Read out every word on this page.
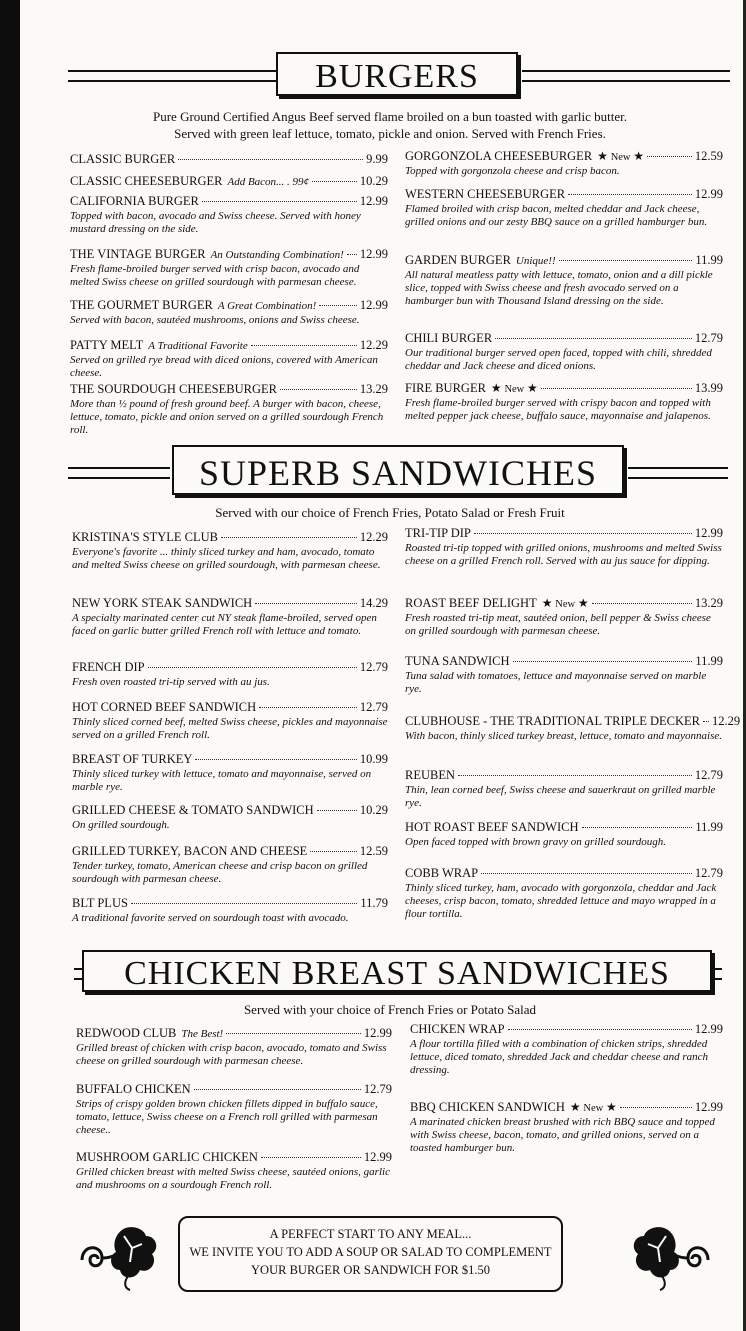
BURGERS
Pure Ground Certified Angus Beef served flame broiled on a bun toasted with garlic butter.
Served with green leaf lettuce, tomato, pickle and onion. Served with French Fries.
CLASSIC BURGER	9.99
CLASSIC CHEESEBURGER Add Bacon... . 99¢	10.29
CALIFORNIA BURGER	12.99
Topped with bacon, avocado and Swiss cheese. Served with honey mustard dressing on the side.
THE VINTAGE BURGER An Outstanding Combination! 12.99
Fresh flame-broiled burger served with crisp bacon, avocado and melted Swiss cheese on grilled sourdough with parmesan cheese.
THE GOURMET BURGER A Great Combination!	12.99
Served with bacon, sautéed mushrooms, onions and Swiss cheese.
PATTY MELT A Traditional Favorite	12.29
Served on grilled rye bread with diced onions, covered with American cheese.
THE SOURDOUGH CHEESEBURGER	13.29
More than ½ pound of fresh ground beef. A burger with bacon, cheese, lettuce, tomato, pickle and onion served on a grilled sourdough French roll.
GORGONZOLA CHEESEBURGER ★ New ★	12.59
Topped with gorgonzola cheese and crisp bacon.
WESTERN CHEESEBURGER	12.99
Flamed broiled with crisp bacon, melted cheddar and Jack cheese, grilled onions and our zesty BBQ sauce on a grilled hamburger bun.
GARDEN BURGER Unique!!	11.99
All natural meatless patty with lettuce, tomato, onion and a dill pickle slice, topped with Swiss cheese and fresh avocado served on a hamburger bun with Thousand Island dressing on the side.
CHILI BURGER	12.79
Our traditional burger served open faced, topped with chili, shredded cheddar and Jack cheese and diced onions.
FIRE BURGER ★ New ★	13.99
Fresh flame-broiled burger served with crispy bacon and topped with melted pepper jack cheese, buffalo sauce, mayonnaise and jalapenos.
SUPERB SANDWICHES
Served with our choice of French Fries, Potato Salad or Fresh Fruit
KRISTINA'S STYLE CLUB	12.29
Everyone's favorite ... thinly sliced turkey and ham, avocado, tomato and melted Swiss cheese on grilled sourdough, with parmesan cheese.
NEW YORK STEAK SANDWICH	14.29
A specialty marinated center cut NY steak flame-broiled, served open faced on garlic butter grilled French roll with lettuce and tomato.
FRENCH DIP	12.79
Fresh oven roasted tri-tip served with au jus.
HOT CORNED BEEF SANDWICH	12.79
Thinly sliced corned beef, melted Swiss cheese, pickles and mayonnaise served on a grilled French roll.
BREAST OF TURKEY	10.99
Thinly sliced turkey with lettuce, tomato and mayonnaise, served on marble rye.
GRILLED CHEESE & TOMATO SANDWICH	10.29
On grilled sourdough.
GRILLED TURKEY, BACON AND CHEESE	12.59
Tender turkey, tomato, American cheese and crisp bacon on grilled sourdough with parmesan cheese.
BLT PLUS	11.79
A traditional favorite served on sourdough toast with avocado.
TRI-TIP DIP	12.99
Roasted tri-tip topped with grilled onions, mushrooms and melted Swiss cheese on a grilled French roll. Served with au jus sauce for dipping.
ROAST BEEF DELIGHT ★ New ★	13.29
Fresh roasted tri-tip meat, sautéed onion, bell pepper & Swiss cheese on grilled sourdough with parmesan cheese.
TUNA SANDWICH	11.99
Tuna salad with tomatoes, lettuce and mayonnaise served on marble rye.
CLUBHOUSE - THE TRADITIONAL TRIPLE DECKER 12.29
With bacon, thinly sliced turkey breast, lettuce, tomato and mayonnaise.
REUBEN	12.79
Thin, lean corned beef, Swiss cheese and sauerkraut on grilled marble rye.
HOT ROAST BEEF SANDWICH	11.99
Open faced topped with brown gravy on grilled sourdough.
COBB WRAP	12.79
Thinly sliced turkey, ham, avocado with gorgonzola, cheddar and Jack cheeses, crisp bacon, tomato, shredded lettuce and mayo wrapped in a flour tortilla.
CHICKEN BREAST SANDWICHES
Served with your choice of French Fries or Potato Salad
REDWOOD CLUB The Best!	12.99
Grilled breast of chicken with crisp bacon, avocado, tomato and Swiss cheese on grilled sourdough with parmesan cheese.
BUFFALO CHICKEN	12.79
Strips of crispy golden brown chicken fillets dipped in buffalo sauce, tomato, lettuce, Swiss cheese on a French roll grilled with parmesan cheese..
MUSHROOM GARLIC CHICKEN	12.99
Grilled chicken breast with melted Swiss cheese, sautéed onions, garlic and mushrooms on a sourdough French roll.
CHICKEN WRAP	12.99
A flour tortilla filled with a combination of chicken strips, shredded lettuce, diced tomato, shredded Jack and cheddar cheese and ranch dressing.
BBQ CHICKEN SANDWICH ★ New ★	12.99
A marinated chicken breast brushed with rich BBQ sauce and topped with Swiss cheese, bacon, tomato, and grilled onions, served on a toasted hamburger bun.
A PERFECT START TO ANY MEAL...
WE INVITE YOU TO ADD A SOUP OR SALAD TO COMPLEMENT
YOUR BURGER OR SANDWICH FOR $1.50
